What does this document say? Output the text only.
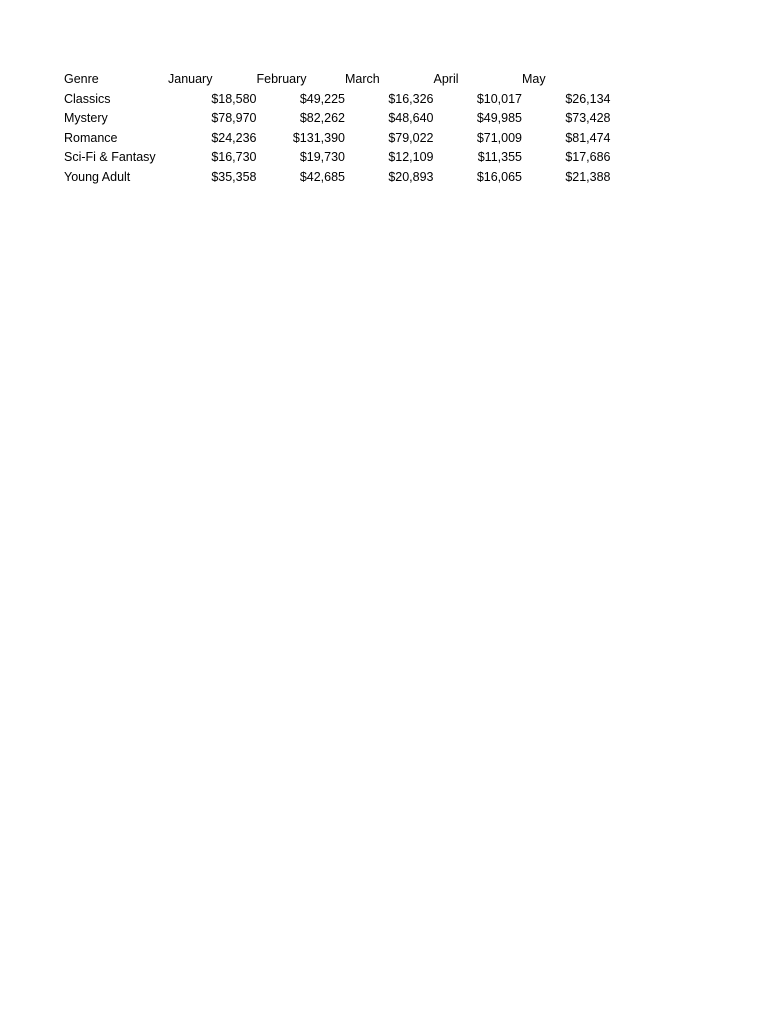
Genre	January	February	March	April	May
Classics	$18,580	$49,225	$16,326	$10,017	$26,134
Mystery	$78,970	$82,262	$48,640	$49,985	$73,428
Romance	$24,236	$131,390	$79,022	$71,009	$81,474
Sci-Fi & Fantasy	$16,730	$19,730	$12,109	$11,355	$17,686
Young Adult	$35,358	$42,685	$20,893	$16,065	$21,388
